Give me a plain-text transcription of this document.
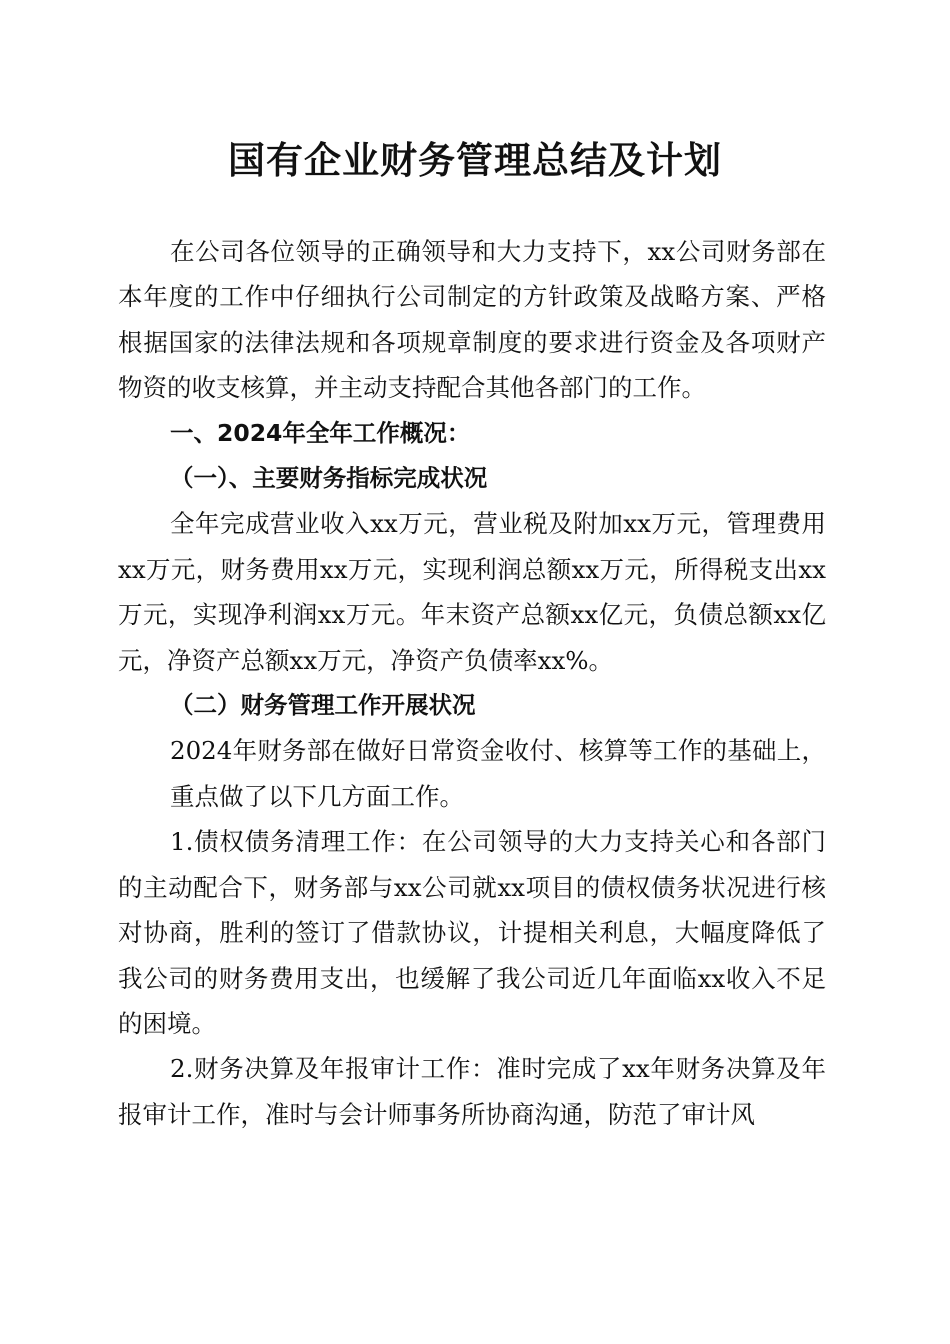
国有企业财务管理总结及计划

在公司各位领导的正确领导和大力支持下，xx公司财务部在本年度的工作中仔细执行公司制定的方针政策及战略方案、严格根据国家的法律法规和各项规章制度的要求进行资金及各项财产物资的收支核算，并主动支持配合其他各部门的工作。

一、2024年全年工作概况：

（一）、主要财务指标完成状况

全年完成营业收入xx万元，营业税及附加xx万元，管理费用xx万元，财务费用xx万元，实现利润总额xx万元，所得税支出xx万元，实现净利润xx万元。年末资产总额xx亿元，负债总额xx亿元，净资产总额xx万元，净资产负债率xx%。

（二）财务管理工作开展状况

2024年财务部在做好日常资金收付、核算等工作的基础上，重点做了以下几方面工作。

1.债权债务清理工作：在公司领导的大力支持关心和各部门的主动配合下，财务部与xx公司就xx项目的债权债务状况进行核对协商，胜利的签订了借款协议，计提相关利息，大幅度降低了我公司的财务费用支出，也缓解了我公司近几年面临xx收入不足的困境。

2.财务决算及年报审计工作：准时完成了xx年财务决算及年报审计工作，准时与会计师事务所协商沟通，防范了审计风
